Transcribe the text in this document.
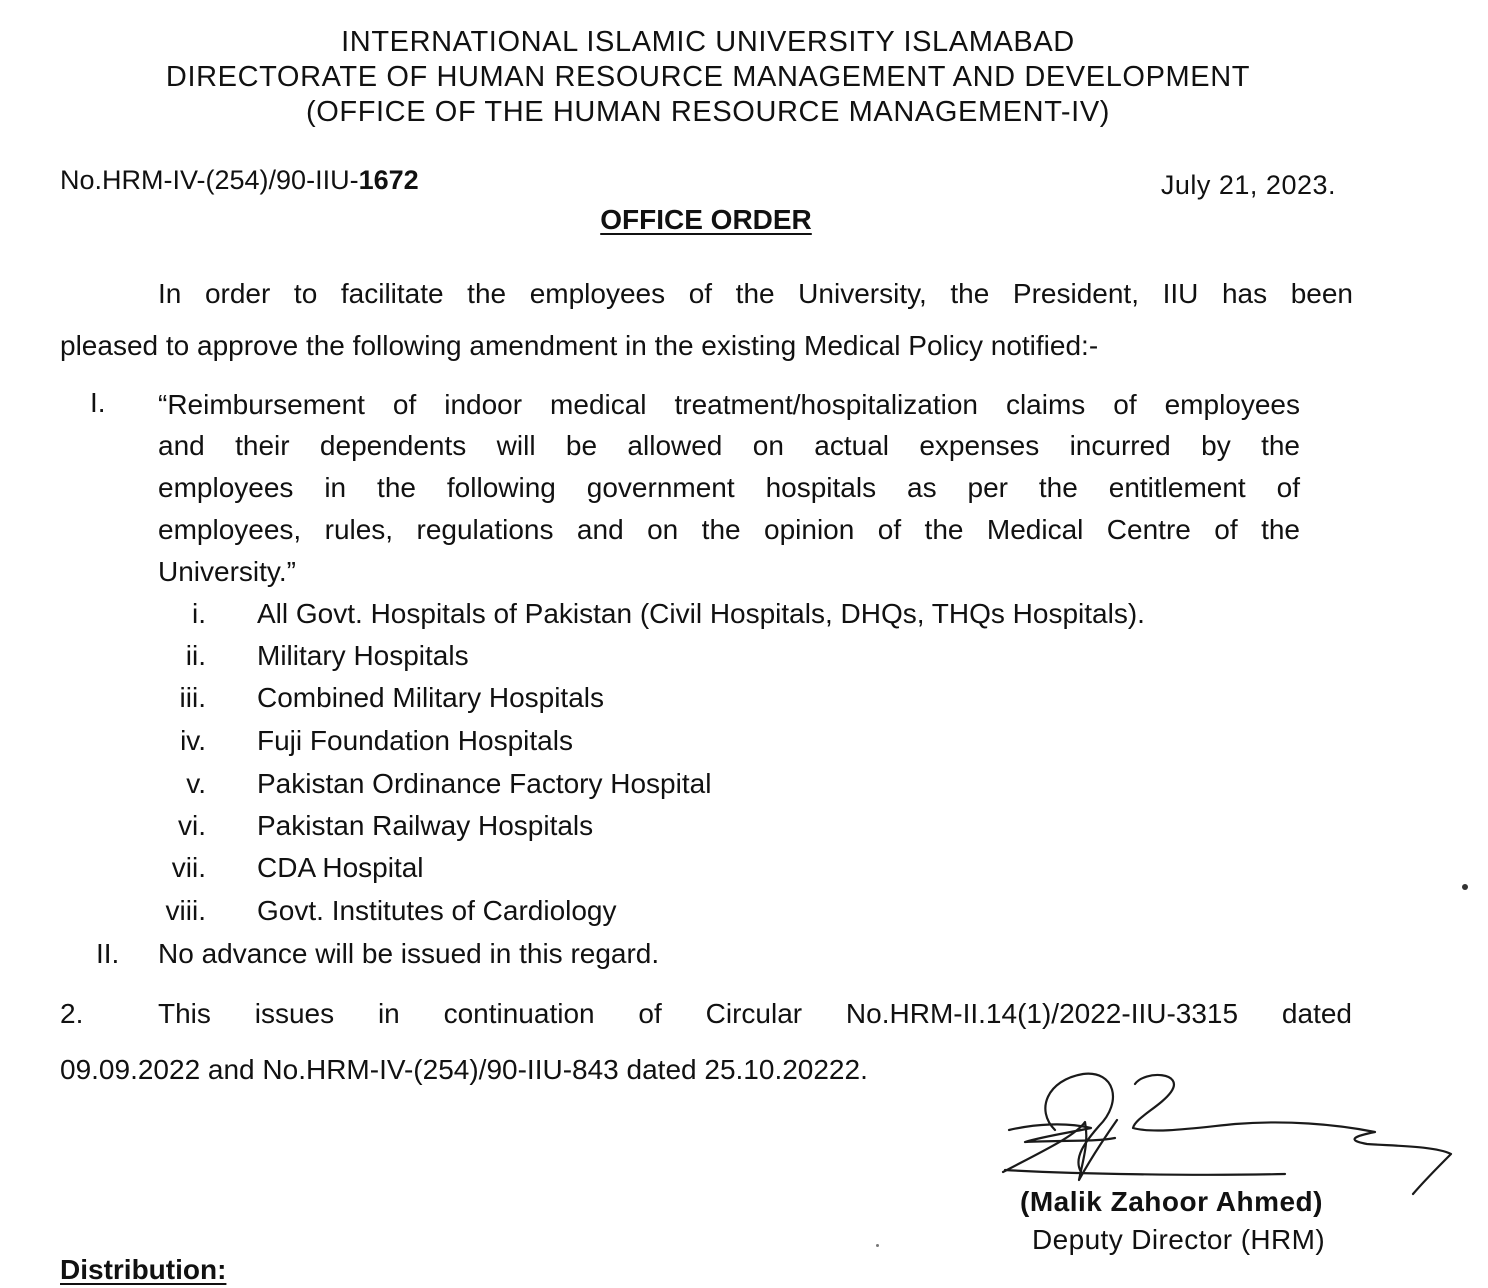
INTERNATIONAL ISLAMIC UNIVERSITY ISLAMABAD
DIRECTORATE OF HUMAN RESOURCE MANAGEMENT AND DEVELOPMENT
(OFFICE OF THE HUMAN RESOURCE MANAGEMENT-IV)
No.HRM-IV-(254)/90-IIU-1672	July 21, 2023.
OFFICE ORDER
In order to facilitate the employees of the University, the President, IIU has been
pleased to approve the following amendment in the existing Medical Policy notified:-
I. “Reimbursement of indoor medical treatment/hospitalization claims of employees
and their dependents will be allowed on actual expenses incurred by the
employees in the following government hospitals as per the entitlement of
employees, rules, regulations and on the opinion of the Medical Centre of the
University.”
i. All Govt. Hospitals of Pakistan (Civil Hospitals, DHQs, THQs Hospitals).
ii. Military Hospitals
iii. Combined Military Hospitals
iv. Fuji Foundation Hospitals
v. Pakistan Ordinance Factory Hospital
vi. Pakistan Railway Hospitals
vii. CDA Hospital
viii. Govt. Institutes of Cardiology
II. No advance will be issued in this regard.
2.	This issues in continuation of Circular No.HRM-II.14(1)/2022-IIU-3315 dated
09.09.2022 and No.HRM-IV-(254)/90-IIU-843 dated 25.10.20222.
(Malik Zahoor Ahmed)
Deputy Director (HRM)
Distribution:
